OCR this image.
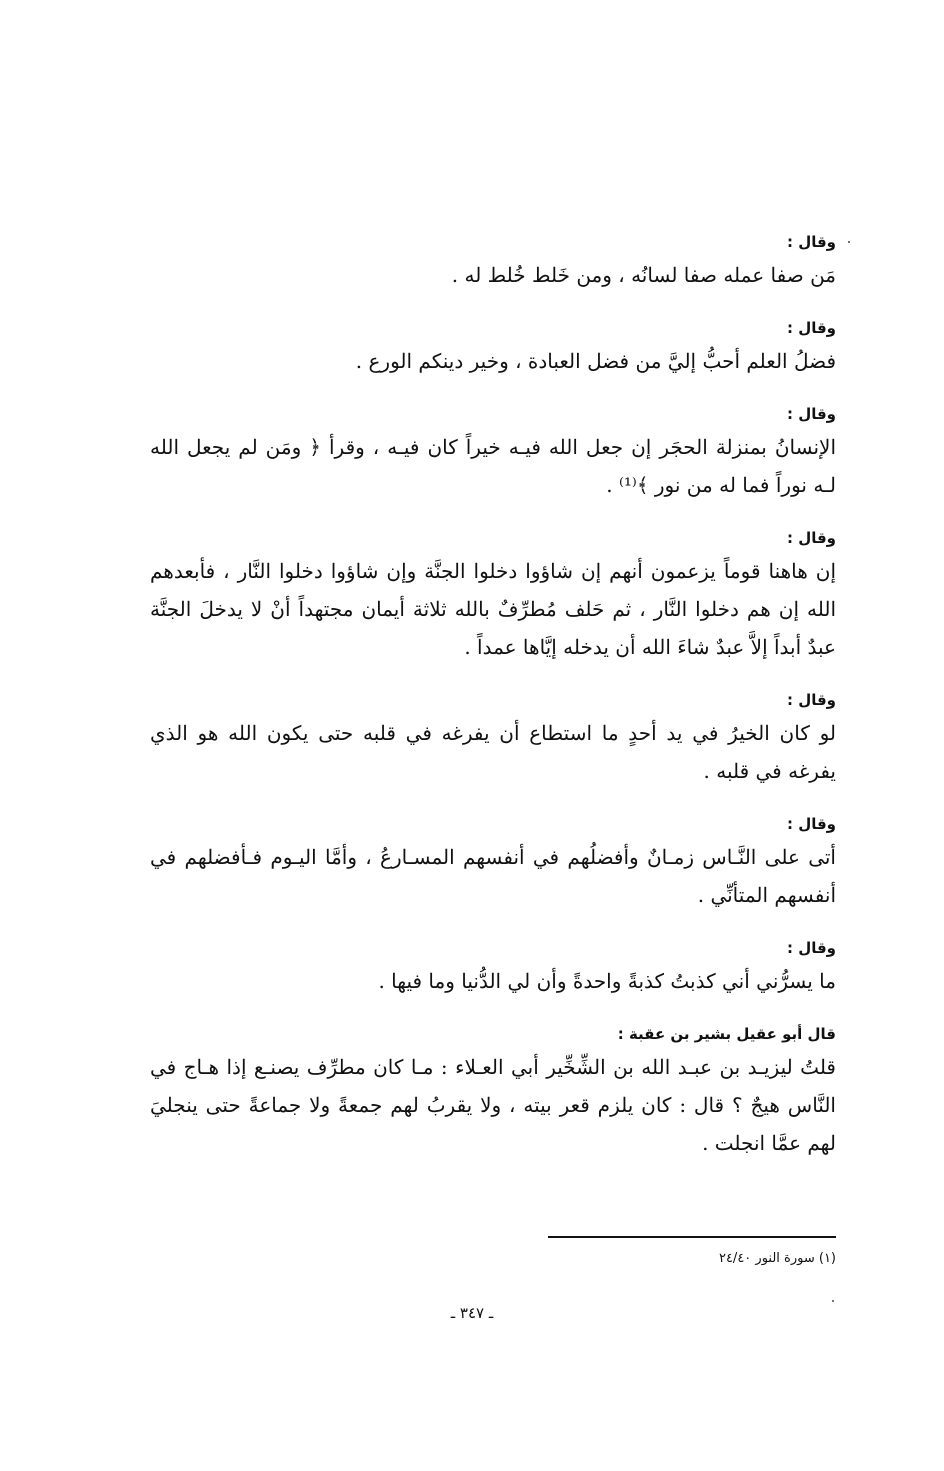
وقال :

مَن صفا عمله صفا لسانُه ، ومن خَلط خُلط له .

وقال :

فضلُ العلم أحبُّ إليَّ من فضل العبادة ، وخير دينكم الورع .

وقال :

الإنسانُ بمنزلة الحجَر إن جعل الله فيـه خيراً كان فيـه ، وقرأ ﴿ ومَن لم يجعل الله لـه نوراً فما له من نور ﴾⁽¹⁾ .

وقال :

إن هاهنا قوماً يزعمون أنهم إن شاؤوا دخلوا الجنَّة وإن شاؤوا دخلوا النَّار ، فأبعدهم الله إن هم دخلوا النَّار ، ثم حَلف مُطرِّفٌ بالله ثلاثة أيمان مجتهداً أنْ لا يدخلَ الجنَّة عبدٌ أبداً إلاَّ عبدٌ شاءَ الله أن يدخله إيَّاها عمداً .

وقال :

لو كان الخيرُ في يد أحدٍ ما استطاع أن يفرغه في قلبه حتى يكون الله هو الذي يفرغه في قلبه .

وقال :

أتى على النَّـاس زمـانٌ وأفضلُهم في أنفسهم المسـارعُ ، وأمَّا اليـوم فـأفضلهم في أنفسهم المتأنِّي .

وقال :

ما يسرُّني أني كذبتُ كذبةً واحدةً وأن لي الدُّنيا وما فيها .

قال أبو عقيل بشير بن عقبة :

قلتُ ليزيـد بن عبـد الله بن الشِّخِّير أبي العـلاء : مـا كان مطرِّف يصنـع إذا هـاج في النَّاس هيجٌ ؟ قال : كان يلزم قعر بيته ، ولا يقربُ لهم جمعةً ولا جماعةً حتى ينجليَ لهم عمَّا انجلت .

(١) سورة النور ٢٤/٤٠
ـ ٣٤٧ ـ
